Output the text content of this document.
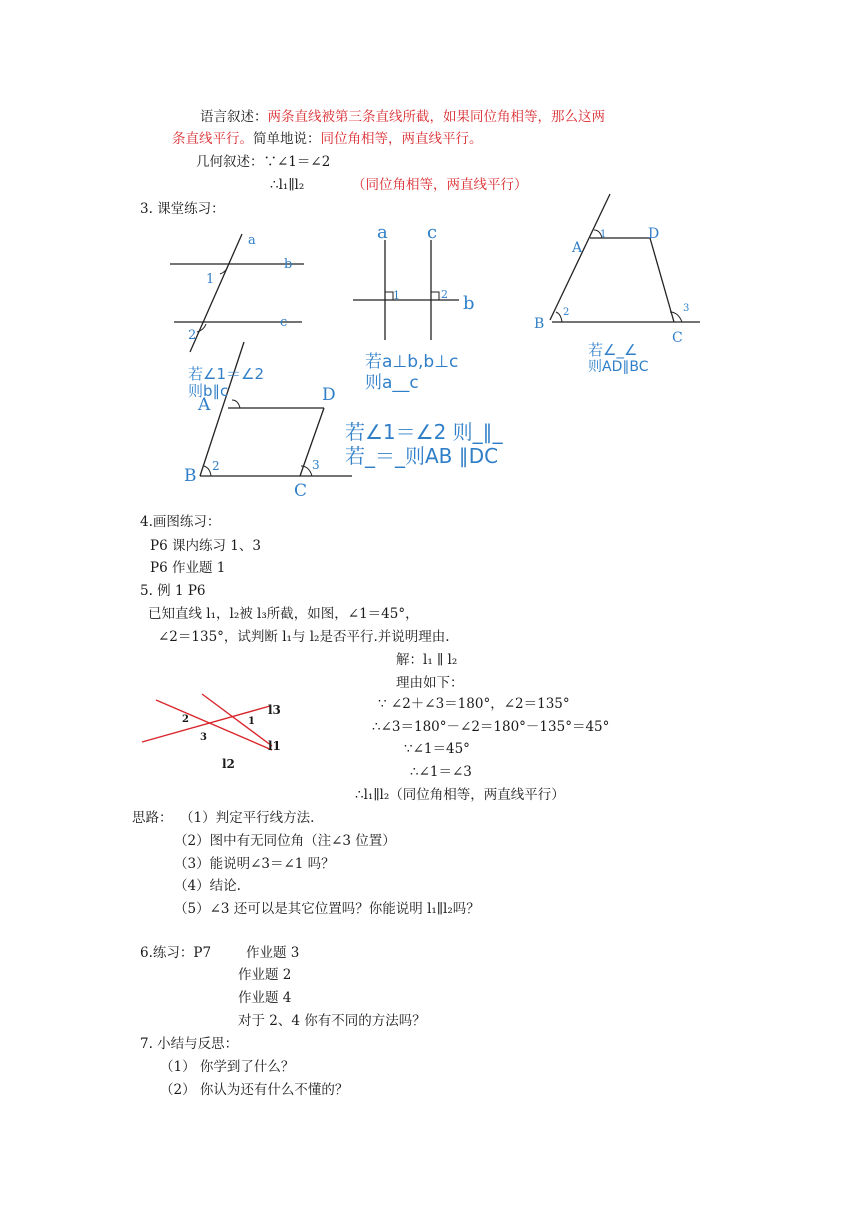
语言叙述：两条直线被第三条直线所截，如果同位角相等，那么这两
条直线平行。简单地说：同位角相等，两直线平行。
几何叙述：∵∠1＝∠2
∴l₁∥l₂	（同位角相等，两直线平行）
3. 课堂练习：
a
b
c
1
2
a c
b
1	2
若a⊥b,b⊥c
则a__c
A
D
B
C
1
2	3
若∠_∠
则AD∥BC
A	D
B
C
2	3
若∠1＝∠2
则b∥c
若∠1＝∠2 则_∥_
若_＝_则AB ∥DC
4.画图练习：
P6 课内练习 1、3
P6 作业题 1
5. 例 1 P6
已知直线 l₁，l₂被 l₃所截，如图，∠1＝45°，
∠2＝135°，试判断 l₁与 l₂是否平行.并说明理由.
解：l₁ ∥ l₂
理由如下：
∵ ∠2＋∠3＝180°，∠2＝135°
∴∠3＝180°－∠2＝180°－135°＝45°
∵∠1＝45°
∴∠1＝∠3
∴l₁∥l₂（同位角相等，两直线平行）
l3
l1
l2
1
2
3
思路： （1）判定平行线方法.
（2）图中有无同位角（注∠3 位置）
（3）能说明∠3＝∠1 吗？
（4）结论.
（5）∠3 还可以是其它位置吗？你能说明 l₁∥l₂吗？
6.练习：P7	作业题 3
作业题 2
作业题 4
对于 2、4 你有不同的方法吗？
7. 小结与反思：
（1） 你学到了什么？
（2） 你认为还有什么不懂的？
